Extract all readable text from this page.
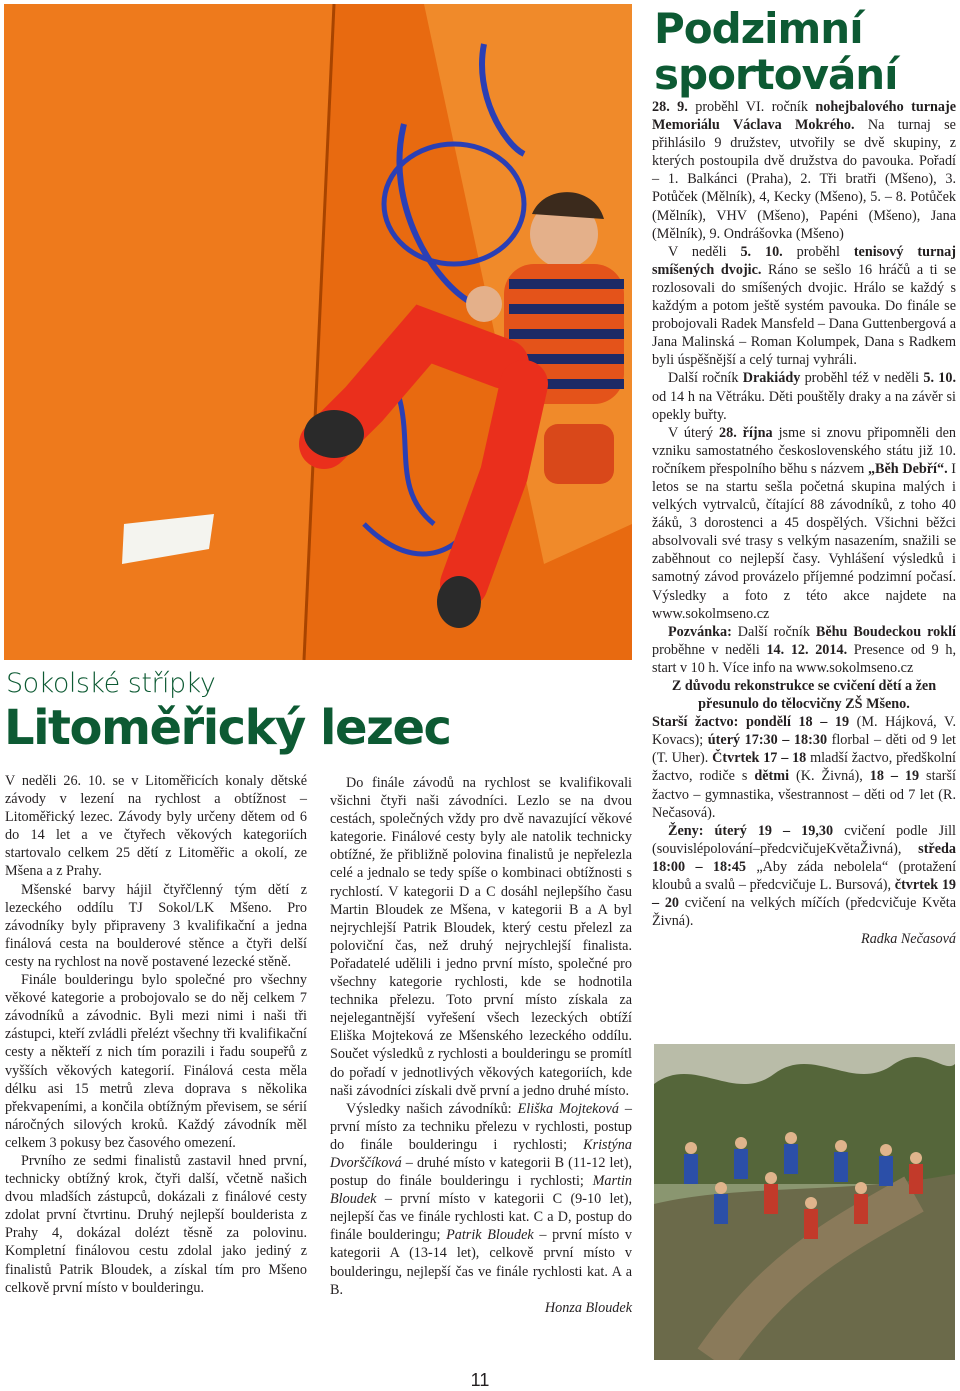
Sokolské střípky
Litoměřický lezec
Podzimní sportování

V neděli 26. 10. se v Litoměřicích konaly dětské závody v lezení na rychlost a obtížnost – Litoměřický lezec. Závody byly určeny dětem od 6 do 14 let a ve čtyřech věkových kategoriích startovalo celkem 25 dětí z Litoměřic a okolí, ze Mšena a z Prahy.

Mšenské barvy hájil čtyřčlenný tým dětí z lezeckého oddílu TJ Sokol/LK Mšeno. Pro závodníky byly připraveny 3 kvalifikační a jedna finálová cesta na boulderové stěnce a čtyři delší cesty na rychlost na nově postavené lezecké stěně.

Finále boulderingu bylo společné pro všechny věkové kategorie a probojovalo se do něj celkem 7 závodníků a závodnic. Byli mezi nimi i naši tři zástupci, kteří zvládli přelézt všechny tři kvalifikační cesty a někteří z nich tím porazili i řadu soupeřů z vyšších věkových kategorií. Finálová cesta měla délku asi 15 metrů zleva doprava s několika překvapeními, a končila obtížným převisem, se sérií náročných silových kroků. Každý závodník měl celkem 3 pokusy bez časového omezení.

Prvního ze sedmi finalistů zastavil hned první, technicky obtížný krok, čtyři další, včetně našich dvou mladších zástupců, dokázali z finálové cesty zdolat první čtvrtinu. Druhý nejlepší boulderista z Prahy 4, dokázal dolézt těsně za polovinu. Kompletní finálovou cestu zdolal jako jediný z finalistů Patrik Bloudek, a získal tím pro Mšeno celkově první místo v boulderingu.

Do finále závodů na rychlost se kvalifikovali všichni čtyři naši závodníci. Lezlo se na dvou cestách, společných vždy pro dvě navazující věkové kategorie. Finálové cesty byly ale natolik technicky obtížné, že přibližně polovina finalistů je nepřelezla celé a jednalo se tedy spíše o kombinaci obtížnosti s rychlostí. V kategorii D a C dosáhl nejlepšího času Martin Bloudek ze Mšena, v kategorii B a A byl nejrychlejší Patrik Bloudek, který cestu přelezl za poloviční čas, než druhý nejrychlejší finalista. Pořadatelé udělili i jedno první místo, společné pro všechny kategorie rychlosti, kde se hodnotila technika přelezu. Toto první místo získala za nejelegantnější vyřešení všech lezeckých obtíží Eliška Mojteková ze Mšenského lezeckého oddílu. Součet výsledků z rychlosti a boulderingu se promítl do pořadí v jednotlivých věkových kategoriích, kde naši závodníci získali dvě první a jedno druhé místo.

Výsledky našich závodníků: Eliška Mojteková – první místo za techniku přelezu v rychlosti, postup do finále boulderingu i rychlosti; Kristýna Dvorščíková – druhé místo v kategorii B (11-12 let), postup do finále boulderingu i rychlosti; Martin Bloudek – první místo v kategorii C (9-10 let), nejlepší čas ve finále rychlosti kat. C a D, postup do finále boulderingu; Patrik Bloudek – první místo v kategorii A (13-14 let), celkově první místo v boulderingu, nejlepší čas ve finále rychlosti kat. A a B.

Honza Bloudek

28. 9. proběhl VI. ročník nohejbalového turnaje Memoriálu Václava Mokrého. Na turnaj se přihlásilo 9 družstev, utvořily se dvě skupiny, z kterých postoupila dvě družstva do pavouka. Pořadí – 1. Balkánci (Praha), 2. Tři bratři (Mšeno), 3. Potůček (Mělník), 4, Kecky (Mšeno), 5. – 8. Potůček (Mělník), VHV (Mšeno), Papéni (Mšeno), Jana (Mělník), 9. Ondrášovka (Mšeno)

V neděli 5. 10. proběhl tenisový turnaj smíšených dvojic. Ráno se sešlo 16 hráčů a ti se rozlosovali do smíšených dvojic. Hrálo se každý s každým a potom ještě systém pavouka. Do finále se probojovali Radek Mansfeld – Dana Guttenbergová a Jana Malinská – Roman Kolumpek, Dana s Radkem byli úspěšnější a celý turnaj vyhráli.

Další ročník Drakiády proběhl též v neděli 5. 10. od 14 h na Větráku. Děti pouštěly draky a na závěr si opekly buřty.

V úterý 28. října jsme si znovu připomněli den vzniku samostatného československého státu již 10. ročníkem přespolního běhu s názvem „Běh Debří“. I letos se na startu sešla početná skupina malých i velkých vytrvalců, čítající 88 závodníků, z toho 40 žáků, 3 dorostenci a 45 dospělých. Všichni běžci absolvovali své trasy s velkým nasazením, snažili se zaběhnout co nejlepší časy. Vyhlášení výsledků i samotný závod provázelo příjemné podzimní počasí. Výsledky a foto z této akce najdete na www.sokolmseno.cz

Pozvánka: Další ročník Běhu Boudeckou roklí proběhne v neděli 14. 12. 2014. Presence od 9 h, start v 10 h. Více info na www.sokolmseno.cz

Z důvodu rekonstrukce se cvičení dětí a žen přesunulo do tělocvičny ZŠ Mšeno.

Starší žactvo: pondělí 18 – 19 (M. Hájková, V. Kovacs); úterý 17:30 – 18:30 florbal – děti od 9 let (T. Uher). Čtvrtek 17 – 18 mladší žactvo, předškolní žactvo, rodiče s dětmi (K. Živná), 18 – 19 starší žactvo – gymnastika, všestrannost – děti od 7 let (R. Nečasová).

Ženy: úterý 19 – 19,30 cvičení podle Jill (souvislépolování–předcvičujeKvětaŽivná), středa 18:00 – 18:45 „Aby záda nebolela“ (protažení kloubů a svalů – předcvičuje L. Bursová), čtvrtek 19 – 20 cvičení na velkých míčích (předcvičuje Květa Živná).

Radka Nečasová

11
